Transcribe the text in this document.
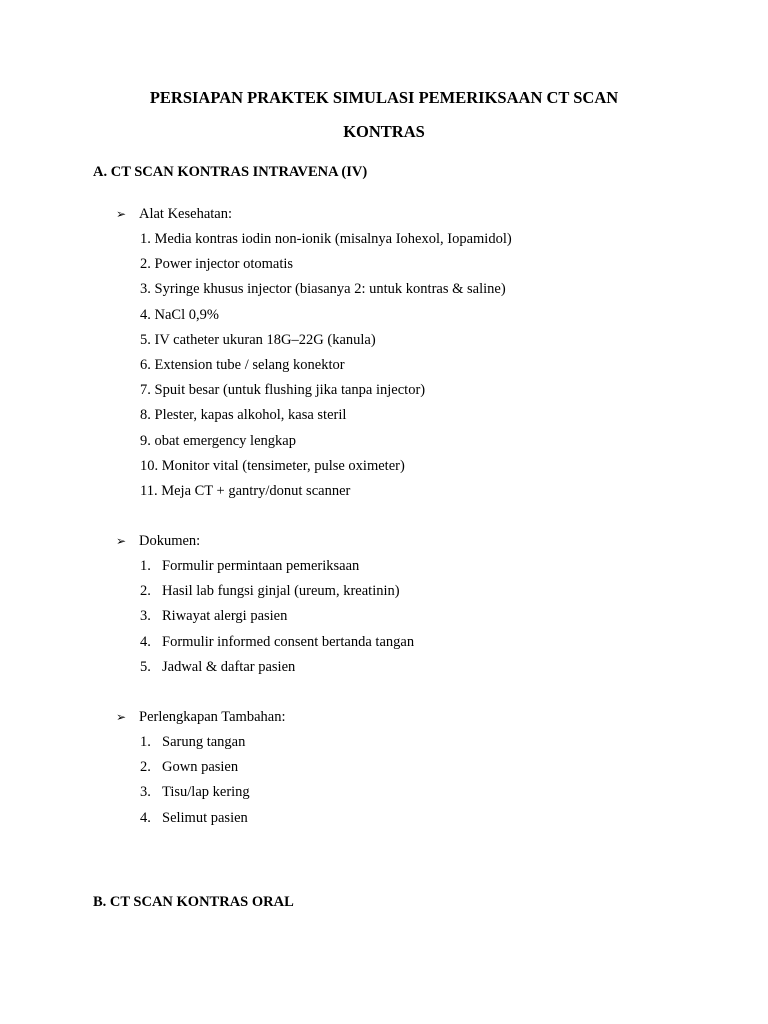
PERSIAPAN PRAKTEK SIMULASI PEMERIKSAAN CT SCAN
KONTRAS
A. CT SCAN KONTRAS INTRAVENA (IV)
➢ Alat Kesehatan:
1. Media kontras iodin non-ionik (misalnya Iohexol, Iopamidol)
2. Power injector otomatis
3. Syringe khusus injector (biasanya 2: untuk kontras & saline)
4. NaCl 0,9%
5. IV catheter ukuran 18G–22G (kanula)
6. Extension tube / selang konektor
7. Spuit besar (untuk flushing jika tanpa injector)
8. Plester, kapas alkohol, kasa steril
9. obat emergency lengkap
10. Monitor vital (tensimeter, pulse oximeter)
11. Meja CT + gantry/donut scanner
➢ Dokumen:
1. Formulir permintaan pemeriksaan
2. Hasil lab fungsi ginjal (ureum, kreatinin)
3. Riwayat alergi pasien
4. Formulir informed consent bertanda tangan
5. Jadwal & daftar pasien
➢ Perlengkapan Tambahan:
1. Sarung tangan
2. Gown pasien
3. Tisu/lap kering
4. Selimut pasien
B. CT SCAN KONTRAS ORAL
